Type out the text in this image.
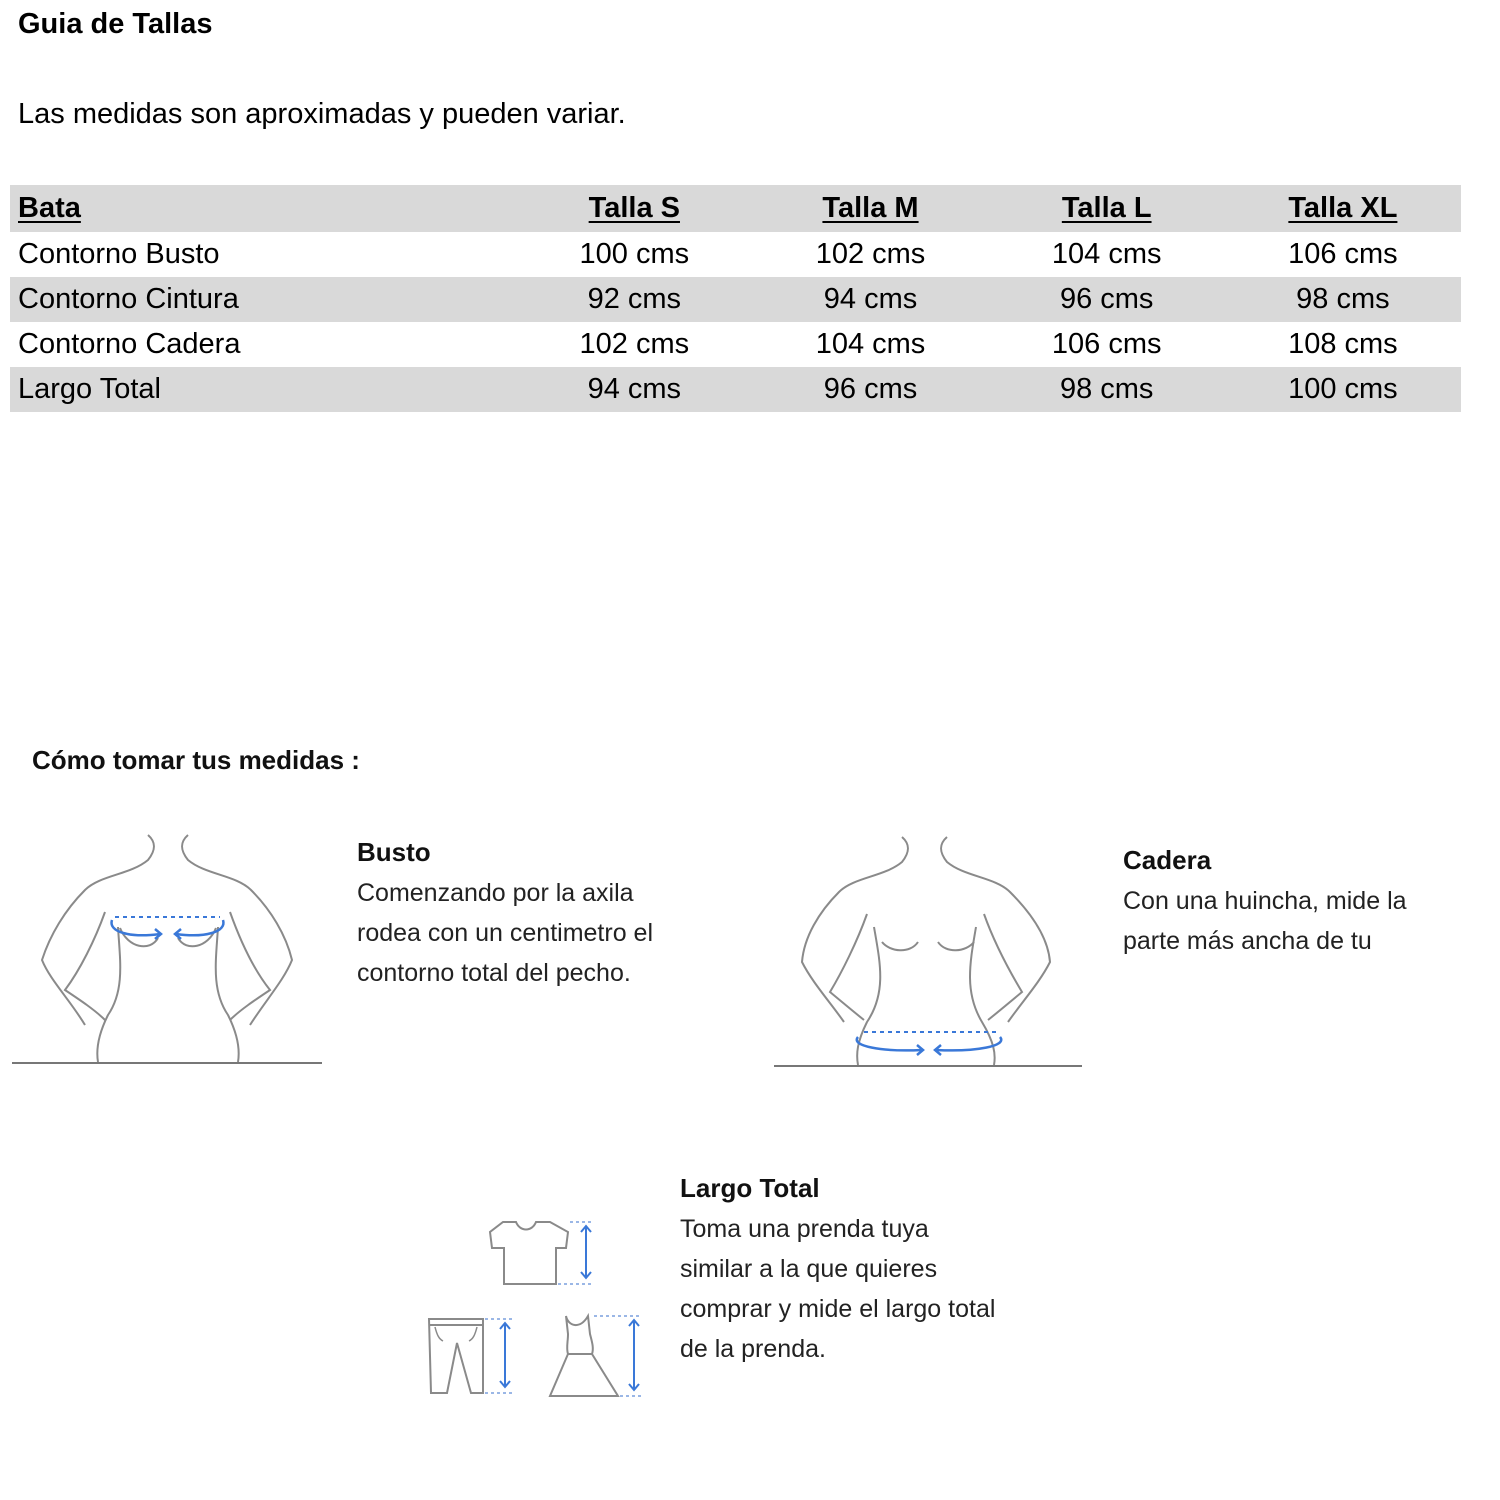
Guia de Tallas
Las medidas son aproximadas y pueden variar.
Bata	Talla S	Talla M	Talla L	Talla XL
Contorno Busto	100 cms	102 cms	104 cms	106 cms
Contorno Cintura	92 cms	94 cms	96 cms	98 cms
Contorno Cadera	102 cms	104 cms	106 cms	108 cms
Largo Total	94 cms	96 cms	98 cms	100 cms
Cómo tomar tus medidas :
Busto
Comenzando por la axila
rodea con un centimetro el
contorno total del pecho.
Cadera
Con una huincha, mide la
parte más ancha de tu
Largo Total
Toma una prenda tuya
similar a la que quieres
comprar y mide el largo total
de la prenda.
